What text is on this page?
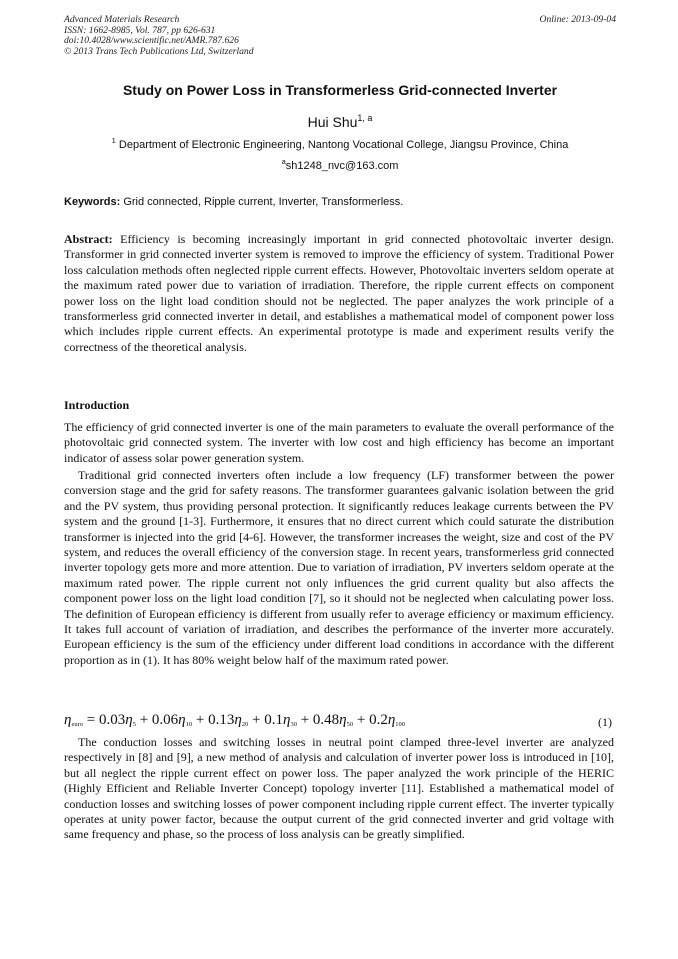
Advanced Materials Research
ISSN: 1662-8985, Vol. 787, pp 626-631
doi:10.4028/www.scientific.net/AMR.787.626
© 2013 Trans Tech Publications Ltd, Switzerland
Online: 2013-09-04
Study on Power Loss in Transformerless Grid-connected Inverter
Hui Shu$^{1, a}$
$^1$ Department of Electronic Engineering, Nantong Vocational College, Jiangsu Province, China
$^a$sh1248_nvc@163.com
Keywords: Grid connected, Ripple current, Inverter, Transformerless.

Abstract: Efficiency is becoming increasingly important in grid connected photovoltaic inverter design. Transformer in grid connected inverter system is removed to improve the efficiency of system. Traditional Power loss calculation methods often neglected ripple current effects. However, Photovoltaic inverters seldom operate at the maximum rated power due to variation of irradiation. Therefore, the ripple current effects on component power loss on the light load condition should not be neglected. The paper analyzes the work principle of a transformerless grid connected inverter in detail, and establishes a mathematical model of component power loss which includes ripple current effects. An experimental prototype is made and experiment results verify the correctness of the theoretical analysis.

Introduction

The efficiency of grid connected inverter is one of the main parameters to evaluate the overall performance of the photovoltaic grid connected system. The inverter with low cost and high efficiency has become an important indicator of assess solar power generation system.

Traditional grid connected inverters often include a low frequency (LF) transformer between the power conversion stage and the grid for safety reasons. The transformer guarantees galvanic isolation between the grid and the PV system, thus providing personal protection. It significantly reduces leakage currents between the PV system and the ground [1-3]. Furthermore, it ensures that no direct current which could saturate the distribution transformer is injected into the grid [4-6]. However, the transformer increases the weight, size and cost of the PV system, and reduces the overall efficiency of the conversion stage. In recent years, transformerless grid connected inverter topology gets more and more attention. Due to variation of irradiation, PV inverters seldom operate at the maximum rated power. The ripple current not only influences the grid current quality but also affects the component power loss on the light load condition [7], so it should not be neglected when calculating power loss. The definition of European efficiency is different from usually refer to average efficiency or maximum efficiency. It takes full account of variation of irradiation, and describes the performance of the inverter more accurately. European efficiency is the sum of the efficiency under different load conditions in accordance with the different proportion as in (1). It has 80% weight below half of the maximum rated power.

$\eta_{euro} = 0.03\eta_5 + 0.06\eta_{10} + 0.13\eta_{20} + 0.1\eta_{30} + 0.48\eta_{50} + 0.2\eta_{100}$	(1)

The conduction losses and switching losses in neutral point clamped three-level inverter are analyzed respectively in [8] and [9], a new method of analysis and calculation of inverter power loss is introduced in [10], but all neglect the ripple current effect on power loss. The paper analyzed the work principle of the HERIC (Highly Efficient and Reliable Inverter Concept) topology inverter [11]. Established a mathematical model of conduction losses and switching losses of power component including ripple current effect. The inverter typically operates at unity power factor, because the output current of the grid connected inverter and grid voltage with same frequency and phase, so the process of loss analysis can be greatly simplified.
